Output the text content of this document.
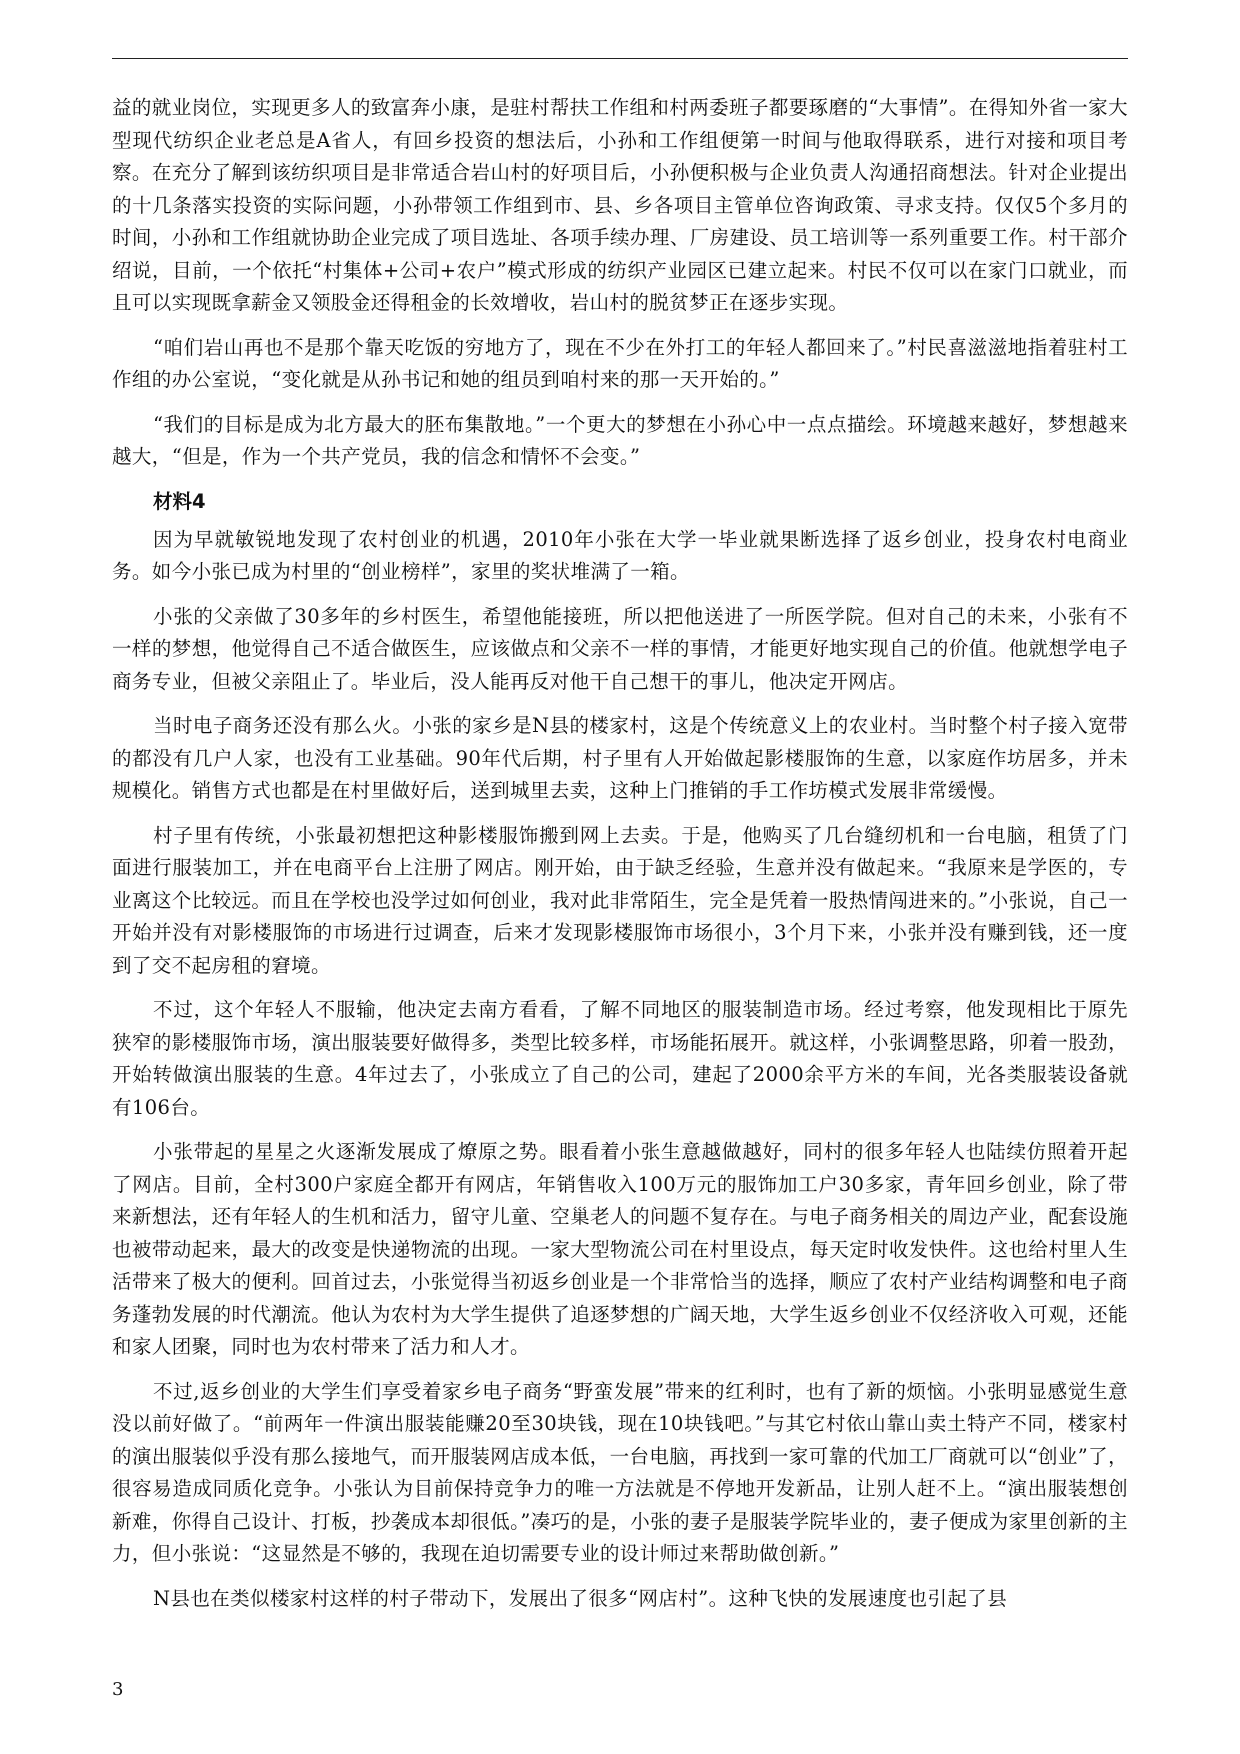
益的就业岗位，实现更多人的致富奔小康，是驻村帮扶工作组和村两委班子都要琢磨的“大事情”。在得知外省一家大型现代纺织企业老总是A省人，有回乡投资的想法后，小孙和工作组便第一时间与他取得联系，进行对接和项目考察。在充分了解到该纺织项目是非常适合岩山村的好项目后，小孙便积极与企业负责人沟通招商想法。针对企业提出的十几条落实投资的实际问题，小孙带领工作组到市、县、乡各项目主管单位咨询政策、寻求支持。仅仅5个多月的时间，小孙和工作组就协助企业完成了项目选址、各项手续办理、厂房建设、员工培训等一系列重要工作。村干部介绍说，目前，一个依托“村集体+公司+农户”模式形成的纺织产业园区已建立起来。村民不仅可以在家门口就业，而且可以实现既拿薪金又领股金还得租金的长效增收，岩山村的脱贫梦正在逐步实现。

“咱们岩山再也不是那个靠天吃饭的穷地方了，现在不少在外打工的年轻人都回来了。”村民喜滋滋地指着驻村工作组的办公室说，“变化就是从孙书记和她的组员到咱村来的那一天开始的。”

“我们的目标是成为北方最大的胚布集散地。”一个更大的梦想在小孙心中一点点描绘。环境越来越好，梦想越来越大，“但是，作为一个共产党员，我的信念和情怀不会变。”

材料4

因为早就敏锐地发现了农村创业的机遇，2010年小张在大学一毕业就果断选择了返乡创业，投身农村电商业务。如今小张已成为村里的“创业榜样”，家里的奖状堆满了一箱。

小张的父亲做了30多年的乡村医生，希望他能接班，所以把他送进了一所医学院。但对自己的未来，小张有不一样的梦想，他觉得自己不适合做医生，应该做点和父亲不一样的事情，才能更好地实现自己的价值。他就想学电子商务专业，但被父亲阻止了。毕业后，没人能再反对他干自己想干的事儿，他决定开网店。

当时电子商务还没有那么火。小张的家乡是N县的楼家村，这是个传统意义上的农业村。当时整个村子接入宽带的都没有几户人家，也没有工业基础。90年代后期，村子里有人开始做起影楼服饰的生意，以家庭作坊居多，并未规模化。销售方式也都是在村里做好后，送到城里去卖，这种上门推销的手工作坊模式发展非常缓慢。

村子里有传统，小张最初想把这种影楼服饰搬到网上去卖。于是，他购买了几台缝纫机和一台电脑，租赁了门面进行服装加工，并在电商平台上注册了网店。刚开始，由于缺乏经验，生意并没有做起来。“我原来是学医的，专业离这个比较远。而且在学校也没学过如何创业，我对此非常陌生，完全是凭着一股热情闯进来的。”小张说，自己一开始并没有对影楼服饰的市场进行过调查，后来才发现影楼服饰市场很小，3个月下来，小张并没有赚到钱，还一度到了交不起房租的窘境。

不过，这个年轻人不服输，他决定去南方看看，了解不同地区的服装制造市场。经过考察，他发现相比于原先狭窄的影楼服饰市场，演出服装要好做得多，类型比较多样，市场能拓展开。就这样，小张调整思路，卯着一股劲，开始转做演出服装的生意。4年过去了，小张成立了自己的公司，建起了2000余平方米的车间，光各类服装设备就有106台。

小张带起的星星之火逐渐发展成了燎原之势。眼看着小张生意越做越好，同村的很多年轻人也陆续仿照着开起了网店。目前，全村300户家庭全都开有网店，年销售收入100万元的服饰加工户30多家，青年回乡创业，除了带来新想法，还有年轻人的生机和活力，留守儿童、空巢老人的问题不复存在。与电子商务相关的周边产业，配套设施也被带动起来，最大的改变是快递物流的出现。一家大型物流公司在村里设点，每天定时收发快件。这也给村里人生活带来了极大的便利。回首过去，小张觉得当初返乡创业是一个非常恰当的选择，顺应了农村产业结构调整和电子商务蓬勃发展的时代潮流。他认为农村为大学生提供了追逐梦想的广阔天地，大学生返乡创业不仅经济收入可观，还能和家人团聚，同时也为农村带来了活力和人才。

不过,返乡创业的大学生们享受着家乡电子商务“野蛮发展”带来的红利时，也有了新的烦恼。小张明显感觉生意没以前好做了。“前两年一件演出服装能赚20至30块钱，现在10块钱吧。”与其它村依山靠山卖土特产不同，楼家村的演出服装似乎没有那么接地气，而开服装网店成本低，一台电脑，再找到一家可靠的代加工厂商就可以“创业”了，很容易造成同质化竞争。小张认为目前保持竞争力的唯一方法就是不停地开发新品，让别人赶不上。“演出服装想创新难，你得自己设计、打板，抄袭成本却很低。”凑巧的是，小张的妻子是服装学院毕业的，妻子便成为家里创新的主力，但小张说：“这显然是不够的，我现在迫切需要专业的设计师过来帮助做创新。”

N县也在类似楼家村这样的村子带动下，发展出了很多“网店村”。这种飞快的发展速度也引起了县

3
